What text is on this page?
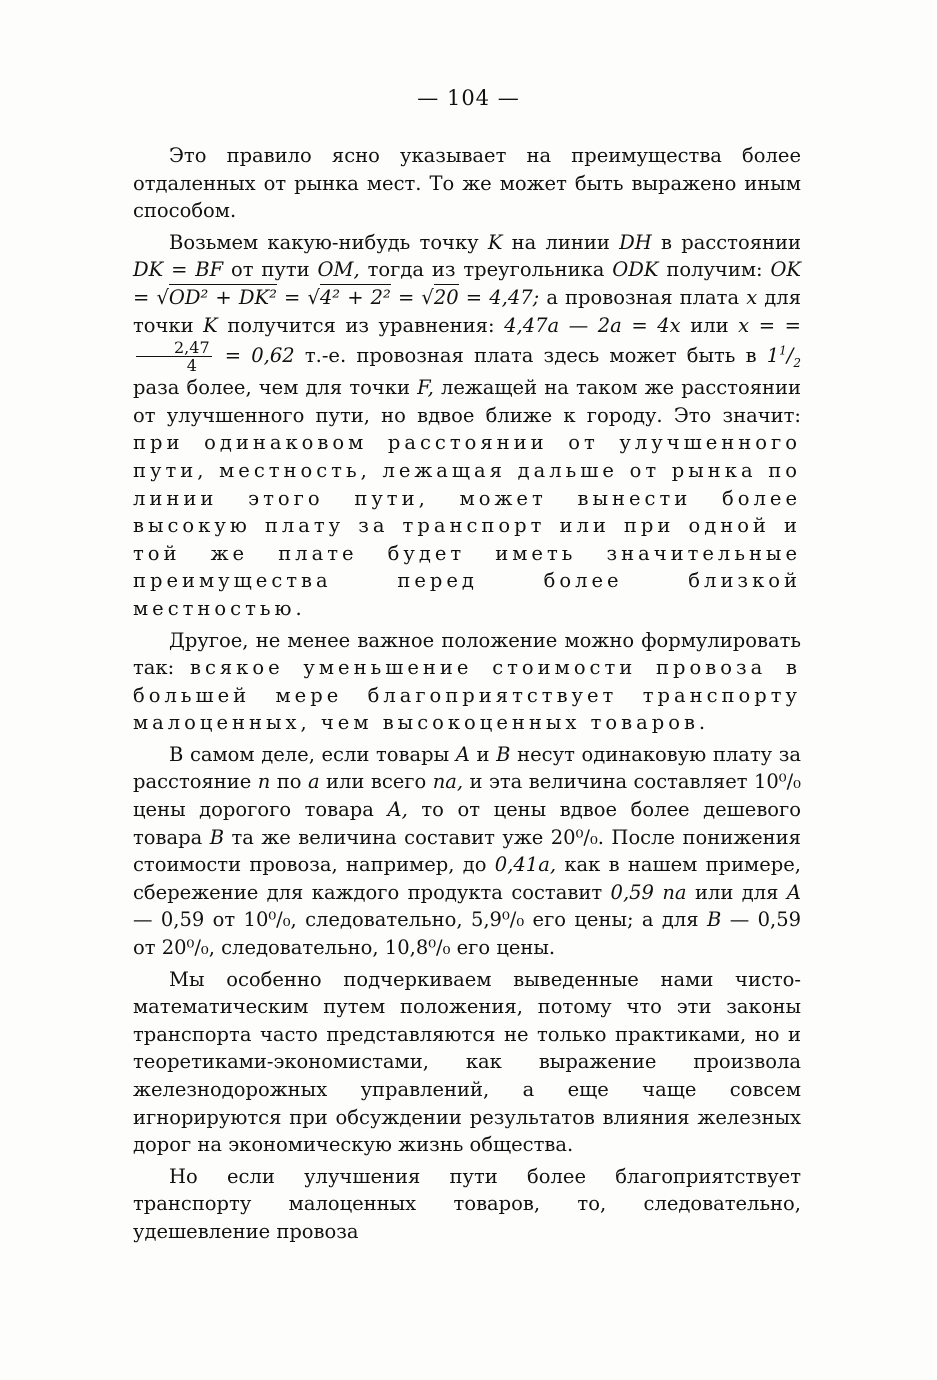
— 104 —

Это правило ясно указывает на преимущества более отдаленных от рынка мест. То же может быть выражено иным способом.

Возьмем какую-нибудь точку K на линии DH в расстоянии DK = BF от пути OM, тогда из треугольника ODK получим: OK = √OD² + DK² = √4² + 2² = √20 = 4,47; а провозная плата x для точки K получится из уравнения: 4,47a — 2a = 4x или x = =
$\frac{2,47}{4} = 0,62$ т.-е. провозная плата здесь может быть в $1^1/_2$ раза более, чем для точки F, лежащей на таком же расстоянии от улучшенного пути, но вдвое ближе к городу. Это значит: при одинаковом расстоянии от улучшенного пути, местность, лежащая дальше от рынка по линии этого пути, может вынести более высокую плату за транспорт или при одной и той же плате будет иметь значительные преимущества перед более близкой местностью.

Другое, не менее важное положение можно формулировать так: всякое уменьшение стоимости провоза в большей мере благоприятствует транспорту малоценных, чем высокоценных товаров.

В самом деле, если товары A и B несут одинаковую плату за расстояние n по a или всего na, и эта величина составляет 10⁰/₀ цены дорогого товара A, то от цены вдвое более дешевого товара B та же величина составит уже 20⁰/₀. После понижения стоимости провоза, например, до 0,41a, как в нашем примере, сбережение для каждого продукта составит 0,59 na или для A — 0,59 от 10⁰/₀, следовательно, 5,9⁰/₀ его цены; а для B — 0,59 от 20⁰/₀, следовательно, 10,8⁰/₀ его цены.

Мы особенно подчеркиваем выведенные нами чисто-математическим путем положения, потому что эти законы транспорта часто представляются не только практиками, но и теоретиками-экономистами, как выражение произвола железнодорожных управлений, а еще чаще совсем игнорируются при обсуждении результатов влияния железных дорог на экономическую жизнь общества.

Но если улучшения пути более благоприятствует транспорту малоценных товаров, то, следовательно, удешевление провоза
